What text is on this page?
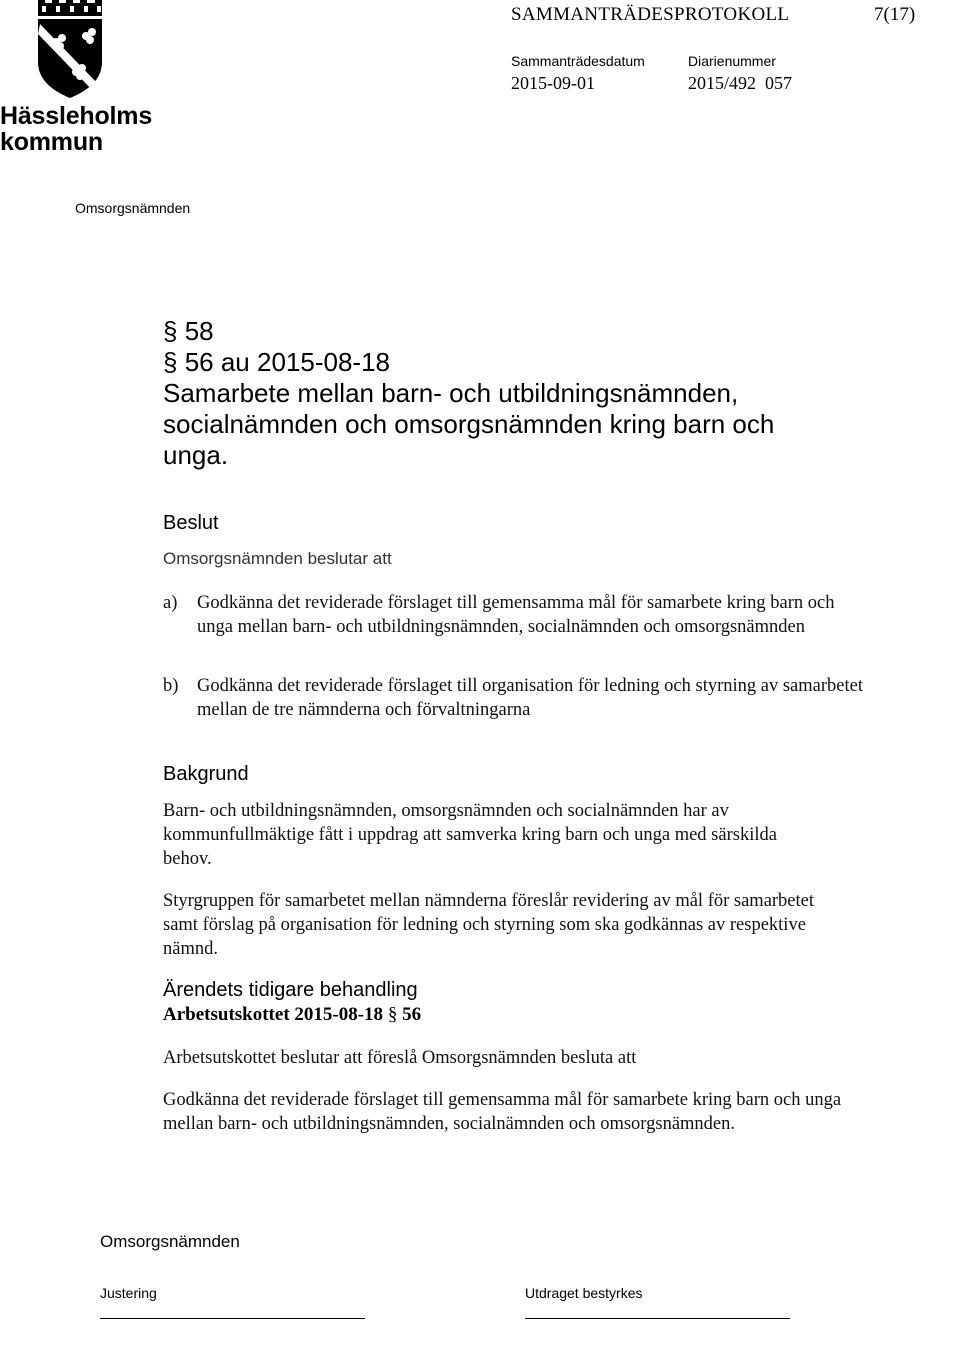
SAMMANTRÄDESPROTOKOLL	7(17)
Sammanträdesdatum	Diarienummer
2015-09-01	2015/492  057
Hässleholms
kommun
Omsorgsnämnden
§ 58
§ 56 au 2015-08-18
Samarbete mellan barn- och utbildningsnämnden,
socialnämnden och omsorgsnämnden kring barn och
unga.
Beslut
Omsorgsnämnden beslutar att
a)	Godkänna det reviderade förslaget till gemensamma mål för samarbete kring barn och unga mellan barn- och utbildningsnämnden, socialnämnden och omsorgsnämnden
b)	Godkänna det reviderade förslaget till organisation för ledning och styrning av samarbetet mellan de tre nämnderna och förvaltningarna
Bakgrund
Barn- och utbildningsnämnden, omsorgsnämnden och socialnämnden har av kommunfullmäktige fått i uppdrag att samverka kring barn och unga med särskilda behov.
Styrgruppen för samarbetet mellan nämnderna föreslår revidering av mål för samarbetet samt förslag på organisation för ledning och styrning som ska godkännas av respektive nämnd.
Ärendets tidigare behandling
Arbetsutskottet 2015-08-18 § 56
Arbetsutskottet beslutar att föreslå Omsorgsnämnden besluta att
Godkänna det reviderade förslaget till gemensamma mål för samarbete kring barn och unga mellan barn- och utbildningsnämnden, socialnämnden och omsorgsnämnden.
Omsorgsnämnden
Justering	Utdraget bestyrkes
